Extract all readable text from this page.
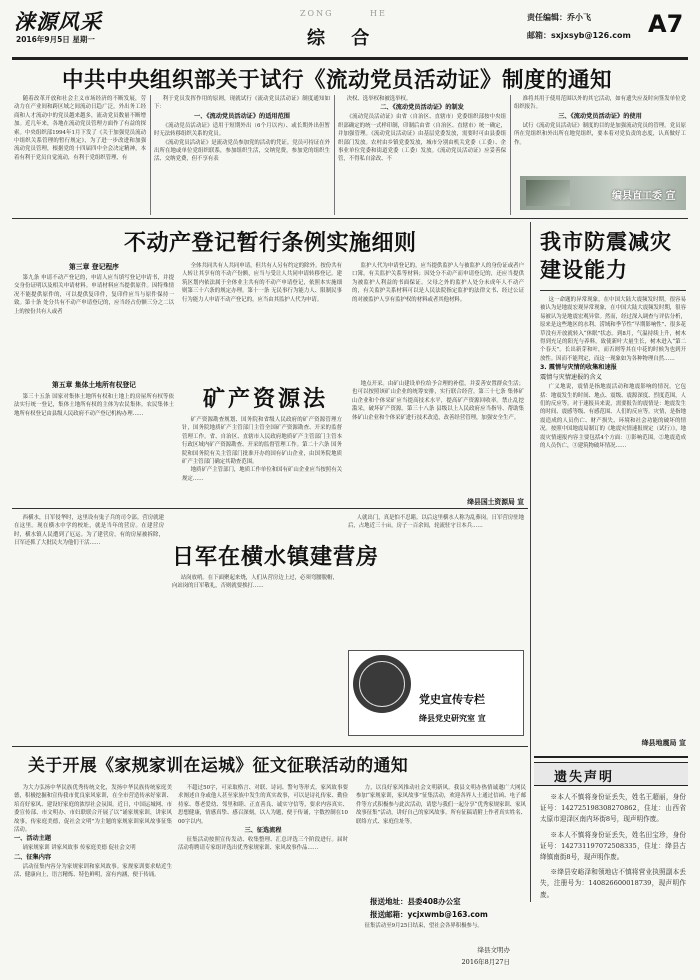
涞源风采
2016年9月5日 星期一
ZONG	HE
综 合
责任编辑：乔小飞
邮箱：sxjxsyb@126.com A7
中共中央组织部关于试行《流动党员活动证》制度的通知

随着改革开放和社会主义市场经济的不断发展，劳动力在产业间和跨区域之间流动日趋广泛，外出务工经商和人才流动中的党员越来越多，流动党员数量不断增加。近几年来，各地在流动党员管理方面作了有益的探索。中央组织部1994年1月下发了《关于加强党员流动中组织关系管理的暂行规定》，为了进一步改进和加强流动党员管理，根据党的十四届四中全会决定精神，本着有利于党员自觉流动，有利于党组织管理，有

利于党员发挥作用的原则，现就试行《流动党员活动证》制度通知如下：

一、《流动党员活动证》的适用范围

《流动党员活动证》适用于短期外出（6个月以内）、或长期外出但暂时无法转移组织关系的党员。

《流动党员活动证》是流动党员参加党的活动的凭证。党员可持证在外出所在地或单位党组织联系，参加组织生活，交纳党费，参加党的组织生活、交纳党费，但不享有表

决权、选举权和被选举权。

二、《流动党员活动证》的制发

《流动党员活动证》由省（自治区、直辖市）党委组织部按中央组织部确定的统一式样印制，印制后由省（自治区、直辖市）统一确定，并加强管理。《流动党员活动证》由基层党委发放，需要时可由县委组织部门发放。农村由乡镇党委发放，城市分别由机关党委（工委）、企事业单位党委和街道党委（工委）发放。《流动党员活动证》应妥善保管，不得私自涂改、不

准将其用于使用范围以外的其它活动，如有遗失应及时向签发单位党组织报告。

三、《流动党员活动证》的使用

试行《流动党员活动证》制度的目的是加强流动党员的管理。党员原所在党组织和外出所在地党组织，要本着对党负责的态度，认真做好工作。

编县直工委 宣
不动产登记暂行条例实施细则
第三章 登记程序

第九条 申请不动产登记的，申请人应当填写登记申请书，并提交身份证明以及相关申请材料。申请材料应当提供原件。因特殊情况不能提供原件的，可以提供复印件，复印件应当与原件保持一致。第十条 处分共有不动产申请登记的，应当经占份额三分之二以上的按份共有人或者

全体共同共有人共同申请，但共有人另有约定的除外。按份共有人转让其享有的不动产份额，应当与受让人共同申请转移登记。建筑区划内依法属于全体业主共有的不动产申请登记，依照本实施细则第三十六条的规定办理。第十一条 无民事行为能力人、限制民事行为能力人申请不动产登记的，应当由其监护人代为申请。

监护人代为申请登记的，应当提供监护人与被监护人的身份证或者户口簿，有关监护关系等材料；因处分不动产而申请登记的，还应当提供为被监护人利益的书面保证。父母之外的监护人处分未成年人不动产的，有关监护关系材料可以是人民法院指定监护的法律文书、经过公证的对被监护人享有监护权的材料或者其他材料。

第五章 集体土地所有权登记

第三十五条 国家对集体土地所有权和土地上的房屋所有权等依法实行统一登记，集体土地所有权的主体为农民集体。农民集体土地所有权登记由县级人民政府不动产登记机构办理……

矿产资源法

矿产资源勘查规划、国务院和省级人民政府的矿产资源管理方针，国务院地质矿产主管部门主管全国矿产资源勘查、开采的监督管理工作。省、自治区、直辖市人民政府地质矿产主管部门主管本行政区域内矿产资源勘查、开采的监督管理工作。第二十六条 国务院和国务院有关主管部门批准开办的国有矿山企业，由国务院地质矿产主管部门确定其勘查范围。

地质矿产主管部门，地质工作单位和国有矿山企业应当按照有关规定……

地点开采。由矿山建设单位给予合理的补偿，并妥善安置群众生活；也可以按照该矿山企业的统筹安排，实行联合经营。第三十七条 集体矿山企业和个体采矿应当提高技术水平，提高矿产资源回收率。禁止乱挖滥采，破坏矿产资源。第三十八条 县级以上人民政府应当指导、帮助集体矿山企业和个体采矿进行技术改造，改善经营管理，加强安全生产。

绛县国土资源局 宣
我市防震减灾建设能力

这一命题的异常现象，在中国大陆大震频发时期，很容易被认为是地震宏观异常现象，在中国大陆大震频发时期，很容易被认为是地震宏观异常。然而，经过深入调查与评估分析，原来是这些地区的水利、涝域和季节性“早期影响性”、很多花草没有开放就转入“休眠”状态。到8月，气温持续上升，树木得到充足的阳光与养料，致使新叶大量生长，树木进入“第二个春天”。长出新芽和叶，而否则等其在中花的时候为也到开放性。因而不能判定，而这一现象如为各种物理自然……

3. 震情与灾情的收集和速报
震情与灾情速报的含义

广义地说，震情是指地震活动和地震影响的情况。它包括：地震发生的时间、地点、震级、震源深度、烈度范围，人们的反应等。对于速报具来说，需要报告的震情是：地震发生的时间、震感等级、有感范围、人们的反应等。灾情，是指地震造成的人员伤亡、财产损失、环境和社会功能的破坏的情况。按照中国地震局制订的《地震灾情速报规定（试行）》，地震灾情速报内容主要包括4个方面：①影响范围，②地震造成的人员伤亡，③建筑物破坏情况……

绛县地震局 宣

西横水，日军侵华时，这里设有鬼子兵的司令部。营房就建在这里。现在横水中学的校址，就是当年的营房。在建营房时，横水镇人民遭到了厄运。为了建营房，有的房屋被拆除，日军还抓了大批民夫为他们干活……

日军在横水镇建营房

站岗放哨。在下面聚起来烧，人们从营房边上过，必须弯腰脱帽，向站岗的日军敬礼，否则就要挨打……

人就出门，真是怕不忍睹。以后这里横水人称为乱葬岗。日军营房驻地后，占地近三十亩，房子一百余间，轮流驻守日本兵……

党史宣传专栏
绛县党史研究室 宣
关于开展《家规家训在运城》征文征联活动的通知

为大力弘扬中华民族优秀传统文化，发扬中华民族传统家庭美德，积极挖掘和宣传我市优良家风家训，在全市营造传承好家训、培育好家风、建设好家庭的浓厚社会氛围。近日，中国运城网、市委宣传部、市文明办、市妇联联合开展了以“诵家规家训，讲家风故事，传家庭美德，促社会文明”为主题的家规家训家风故事征集活动。

一、活动主题

诵家规家训 讲家风故事 传家庭美德 促社会文明

二、征集内容

活动征集内容分为家规家训和家风故事。家规家训要求贴近生活、健康向上，语言精炼、特色鲜明，富有内涵，便于传诵。

不超过50字，可采取格言、对联、诗词、警句等形式。家风故事要求阐述自身或他人甚至家族中发生的真实故事，可以是诗礼传家、勤俭持家、尊老爱幼、邻里和睦、正直善良、诚实守信等，要求内容真实、思想健康，情感真挚、感召深刻，以人为题，便于传诵，字数控制在1000字以内。

三、征选流程

征集活动按照宣传发动、收集整理、汇总评选三个阶段进行。届时活动将聘请专家组评选出优秀家规家训、家风故事作品……

力，以良好家风推动社会文明新风。我县文明办热情诚邀广大网民参加“家规家训，家风故事”征集活动，欢迎各界人士通过信函、电子邮件等方式积极参与此次活动，请您与我们一起分享“优秀家规家训、家风故事征集”活动，讲好自己的家风故事。所有征稿请附上作者真实姓名、联络方式、家庭住址等。

报送地址：县委408办公室
报送邮箱：ycjxwmb@163.com

征集活动至9月25日结束，望社会各界积极参与。

绛县文明办
2016年8月27日
遗失声明

※本人不慎将身份证丢失，姓名王超丽，身份证号：142725198308270862，住址：山西省太原市迎泽区南内环街8号，现声明作废。

※本人不慎将身份证丢失，姓名田宝珍，身份证号：142731197072508335，住址：绛县古绛镇南街8号，现声明作废。

※绛县安峪泽和领地店不慎将营业执照副本丢失，注册号为：140826600018739，现声明作废。
